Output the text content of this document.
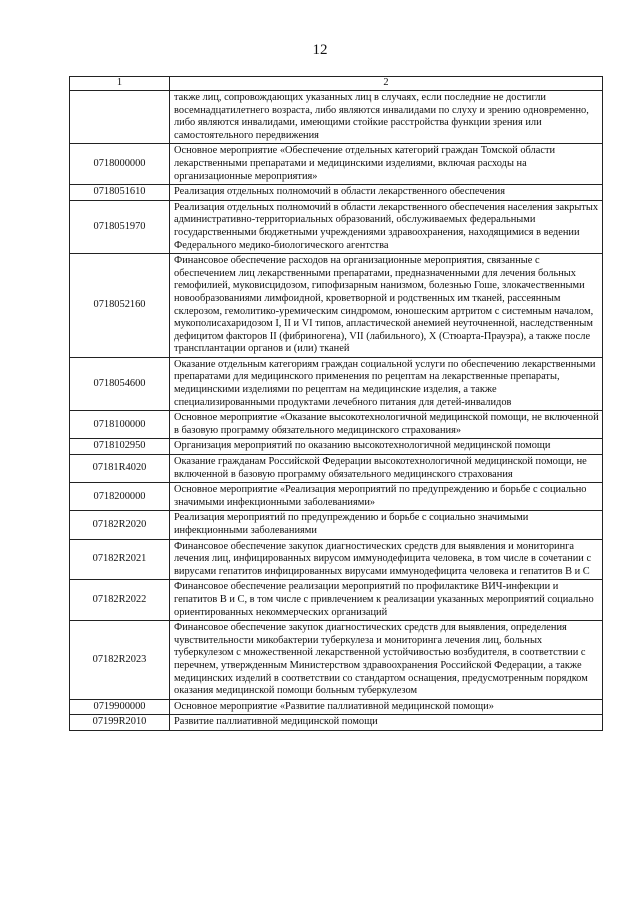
12
1	2
	также лиц, сопровождающих указанных лиц в случаях, если последние не достигли восемнадцатилетнего возраста, либо являются инвалидами по слуху и зрению одновременно, либо являются инвалидами, имеющими стойкие расстройства функции зрения или самостоятельного передвижения
0718000000	Основное мероприятие «Обеспечение отдельных категорий граждан Томской области лекарственными препаратами и медицинскими изделиями, включая расходы на организационные мероприятия»
0718051610	Реализация отдельных полномочий в области лекарственного обеспечения
0718051970	Реализация отдельных полномочий в области лекарственного обеспечения населения закрытых административно-территориальных образований, обслуживаемых федеральными государственными бюджетными учреждениями здравоохранения, находящимися в ведении Федерального медико-биологического агентства
0718052160	Финансовое обеспечение расходов на организационные мероприятия, связанные с обеспечением лиц лекарственными препаратами, предназначенными для лечения больных гемофилией, муковисцидозом, гипофизарным нанизмом, болезнью Гоше, злокачественными новообразованиями лимфоидной, кроветворной и родственных им тканей, рассеянным склерозом, гемолитико-уремическим синдромом, юношеским артритом с системным началом, мукополисахаридозом I, II и VI типов, апластической анемией неуточненной, наследственным дефицитом факторов II (фибриногена), VII (лабильного), X (Стюарта-Прауэра), а также после трансплантации органов и (или) тканей
0718054600	Оказание отдельным категориям граждан социальной услуги по обеспечению лекарственными препаратами для медицинского применения по рецептам на лекарственные препараты, медицинскими изделиями по рецептам на медицинские изделия, а также специализированными продуктами лечебного питания для детей-инвалидов
0718100000	Основное мероприятие «Оказание высокотехнологичной медицинской помощи, не включенной в базовую программу обязательного медицинского страхования»
0718102950	Организация мероприятий по оказанию высокотехнологичной медицинской помощи
07181R4020	Оказание гражданам Российской Федерации высокотехнологичной медицинской помощи, не включенной в базовую программу обязательного медицинского страхования
0718200000	Основное мероприятие «Реализация мероприятий по предупреждению и борьбе с социально значимыми инфекционными заболеваниями»
07182R2020	Реализация мероприятий по предупреждению и борьбе с социально значимыми инфекционными заболеваниями
07182R2021	Финансовое обеспечение закупок диагностических средств для выявления и мониторинга лечения лиц, инфицированных вирусом иммунодефицита человека, в том числе в сочетании с вирусами гепатитов инфицированных вирусами иммунодефицита человека и гепатитов В и С
07182R2022	Финансовое обеспечение реализации мероприятий по профилактике ВИЧ-инфекции и гепатитов В и С, в том числе с привлечением к реализации указанных мероприятий социально ориентированных некоммерческих организаций
07182R2023	Финансовое обеспечение закупок диагностических средств для выявления, определения чувствительности микобактерии туберкулеза и мониторинга лечения лиц, больных туберкулезом с множественной лекарственной устойчивостью возбудителя, в соответствии с перечнем, утвержденным Министерством здравоохранения Российской Федерации, а также медицинских изделий в соответствии со стандартом оснащения, предусмотренным порядком оказания медицинской помощи больным туберкулезом
0719900000	Основное мероприятие «Развитие паллиативной медицинской помощи»
07199R2010	Развитие паллиативной медицинской помощи
